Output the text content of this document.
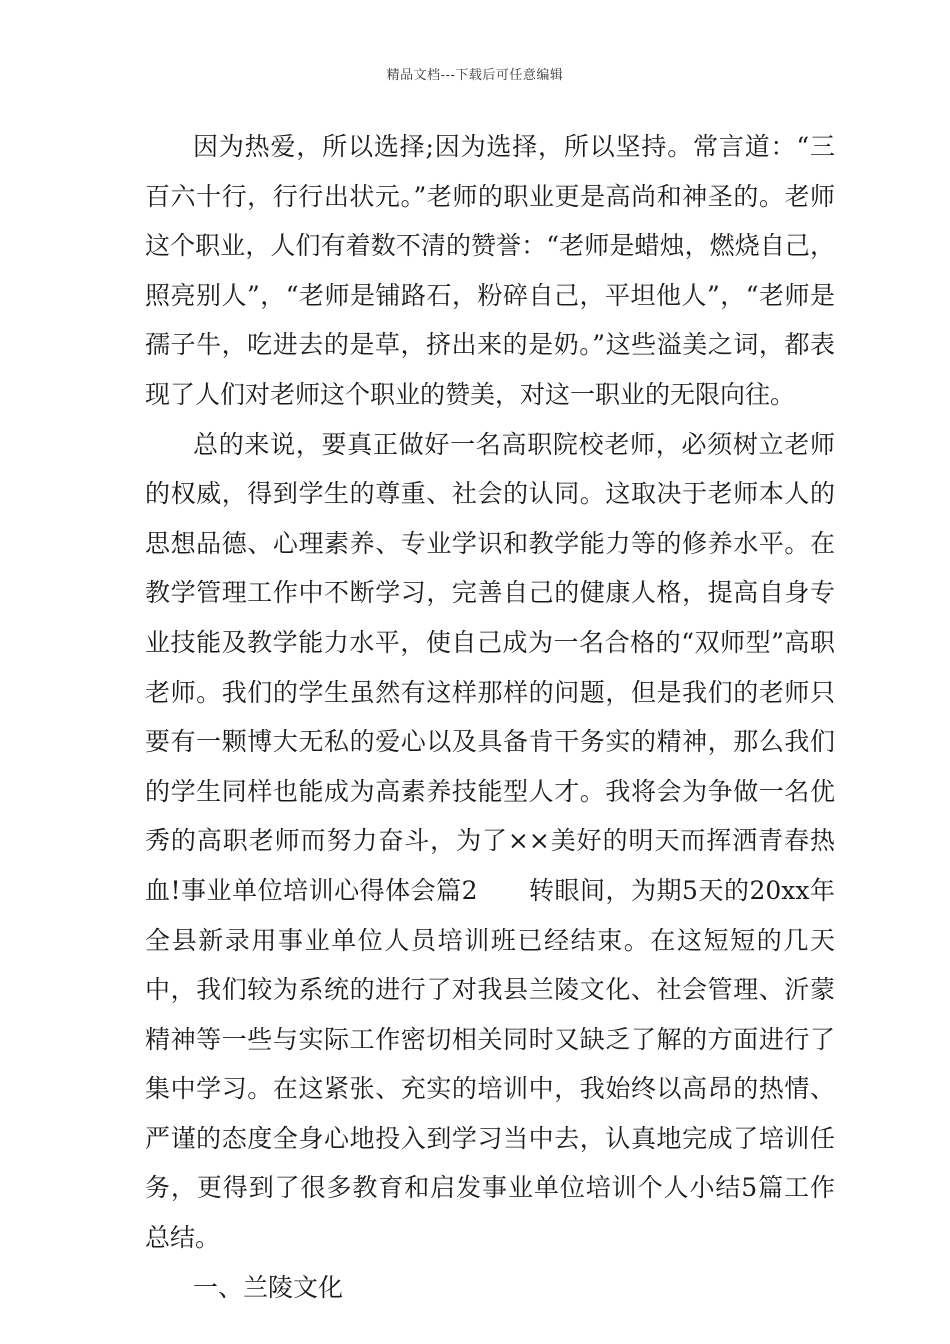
精品文档---下载后可任意编辑

因为热爱，所以选择;因为选择，所以坚持。常言道：“三百六十行，行行出状元。”老师的职业更是高尚和神圣的。老师这个职业，人们有着数不清的赞誉：“老师是蜡烛，燃烧自己，照亮别人”，“老师是铺路石，粉碎自己，平坦他人”，“老师是孺子牛，吃进去的是草，挤出来的是奶。”这些溢美之词，都表现了人们对老师这个职业的赞美，对这一职业的无限向往。

总的来说，要真正做好一名高职院校老师，必须树立老师的权威，得到学生的尊重、社会的认同。这取决于老师本人的思想品德、心理素养、专业学识和教学能力等的修养水平。在教学管理工作中不断学习，完善自己的健康人格，提高自身专业技能及教学能力水平，使自己成为一名合格的“双师型”高职老师。我们的学生虽然有这样那样的问题，但是我们的老师只要有一颗博大无私的爱心以及具备肯干务实的精神，那么我们的学生同样也能成为高素养技能型人才。我将会为争做一名优秀的高职老师而努力奋斗，为了××美好的明天而挥洒青春热血!事业单位培训心得体会篇2　　转眼间，为期5天的20xx年全县新录用事业单位人员培训班已经结束。在这短短的几天中，我们较为系统的进行了对我县兰陵文化、社会管理、沂蒙精神等一些与实际工作密切相关同时又缺乏了解的方面进行了集中学习。在这紧张、充实的培训中，我始终以高昂的热情、严谨的态度全身心地投入到学习当中去，认真地完成了培训任务，更得到了很多教育和启发事业单位培训个人小结5篇工作总结。

一、兰陵文化
